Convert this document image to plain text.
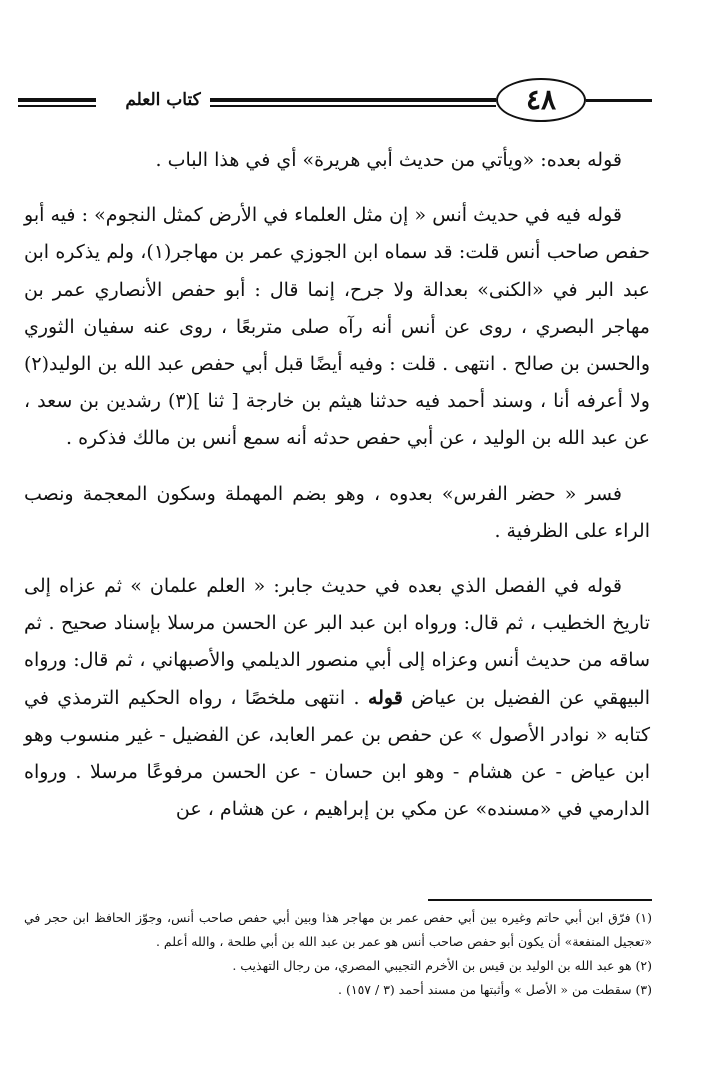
كتاب العلم	٤٨

قوله بعده: «ويأتي من حديث أبي هريرة» أي في هذا الباب .

قوله فيه في حديث أنس « إن مثل العلماء في الأرض كمثل النجوم» : فيه أبو حفص صاحب أنس قلت: قد سماه ابن الجوزي عمر بن مهاجر(١)، ولم يذكره ابن عبد البر في «الكنى» بعدالة ولا جرح، إنما قال : أبو حفص الأنصاري عمر بن مهاجر البصري ، روى عن أنس أنه رآه صلى متربعًا ، روى عنه سفيان الثوري والحسن بن صالح . انتهى . قلت : وفيه أيضًا قبل أبي حفص عبد الله بن الوليد(٢) ولا أعرفه أنا ، وسند أحمد فيه حدثنا هيثم بن خارجة [ ثنا ](٣) رشدين بن سعد ، عن عبد الله بن الوليد ، عن أبي حفص حدثه أنه سمع أنس بن مالك فذكره .

فسر « حضر الفرس» بعدوه ، وهو بضم المهملة وسكون المعجمة ونصب الراء على الظرفية .

قوله في الفصل الذي بعده في حديث جابر: « العلم علمان » ثم عزاه إلى تاريخ الخطيب ، ثم قال: ورواه ابن عبد البر عن الحسن مرسلا بإسناد صحيح . ثم ساقه من حديث أنس وعزاه إلى أبي منصور الديلمي والأصبهاني ، ثم قال: ورواه البيهقي عن الفضيل بن عياض قوله . انتهى ملخصًا ، رواه الحكيم الترمذي في كتابه « نوادر الأصول » عن حفص بن عمر العابد، عن الفضيل - غير منسوب وهو ابن عياض - عن هشام - وهو ابن حسان - عن الحسن مرفوعًا مرسلا . ورواه الدارمي في «مسنده» عن مكي بن إبراهيم ، عن هشام ، عن

(١) فرّق ابن أبي حاتم وغيره بين أبي حفص عمر بن مهاجر هذا وبين أبي حفص صاحب أنس، وجوّز الحافظ ابن حجر في «تعجيل المنفعة» أن يكون أبو حفص صاحب أنس هو عمر بن عبد الله بن أبي طلحة ، والله أعلم .

(٢) هو عبد الله بن الوليد بن قيس بن الأخرم التجيبي المصري، من رجال التهذيب .

(٣) سقطت من « الأصل » وأثبتها من مسند أحمد (٣ / ١٥٧) .
